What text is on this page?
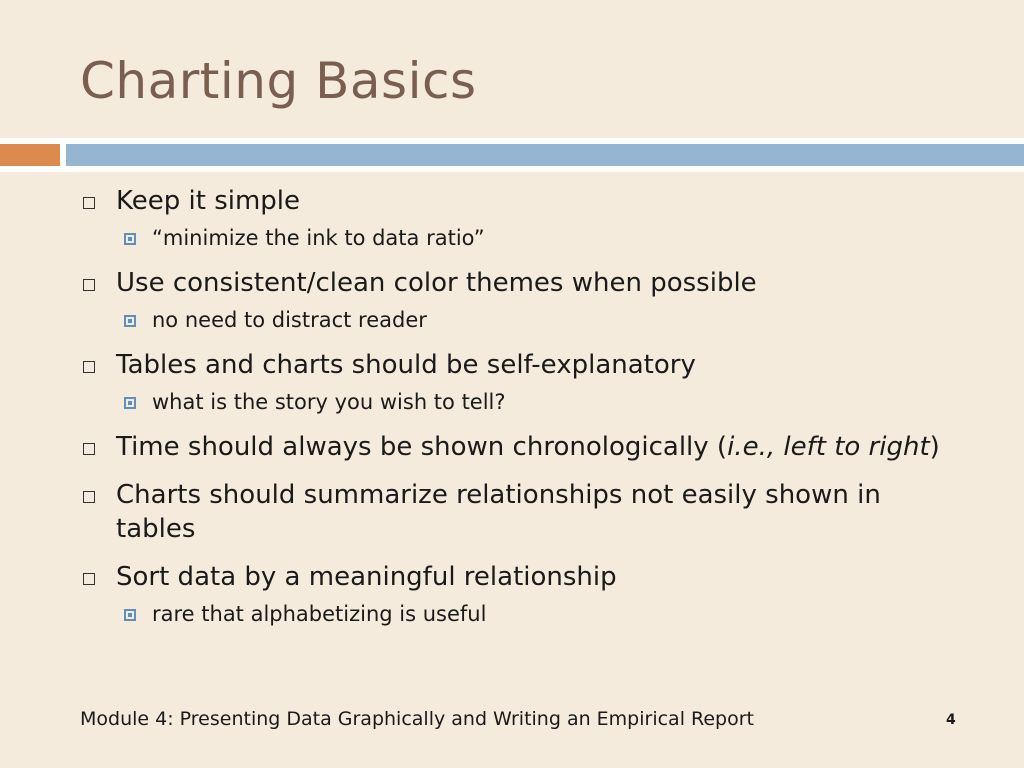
Charting Basics
Keep it simple
“minimize the ink to data ratio”
Use consistent/clean color themes when possible
no need to distract reader
Tables and charts should be self-explanatory
what is the story you wish to tell?
Time should always be shown chronologically (i.e., left to right)
Charts should summarize relationships not easily shown in tables
Sort data by a meaningful relationship
rare that alphabetizing is useful
Module 4: Presenting Data Graphically and Writing an Empirical Report	4
